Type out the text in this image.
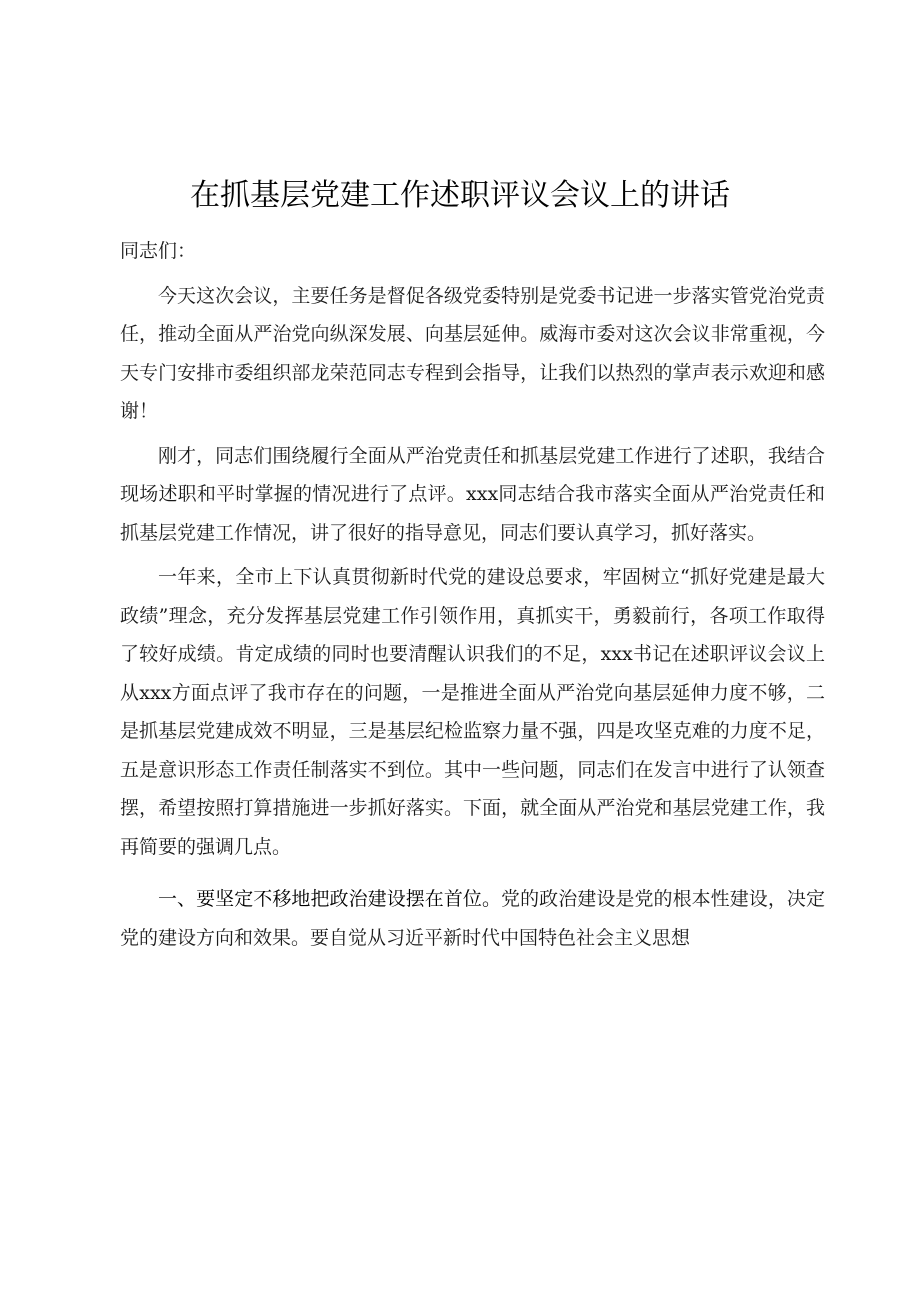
在抓基层党建工作述职评议会议上的讲话

同志们：

今天这次会议，主要任务是督促各级党委特别是党委书记进一步落实管党治党责任，推动全面从严治党向纵深发展、向基层延伸。威海市委对这次会议非常重视，今天专门安排市委组织部龙荣范同志专程到会指导，让我们以热烈的掌声表示欢迎和感谢！

刚才，同志们围绕履行全面从严治党责任和抓基层党建工作进行了述职，我结合现场述职和平时掌握的情况进行了点评。xxx同志结合我市落实全面从严治党责任和抓基层党建工作情况，讲了很好的指导意见，同志们要认真学习，抓好落实。

一年来，全市上下认真贯彻新时代党的建设总要求，牢固树立“抓好党建是最大政绩”理念，充分发挥基层党建工作引领作用，真抓实干，勇毅前行，各项工作取得了较好成绩。肯定成绩的同时也要清醒认识我们的不足，xxx书记在述职评议会议上从xxx方面点评了我市存在的问题，一是推进全面从严治党向基层延伸力度不够，二是抓基层党建成效不明显，三是基层纪检监察力量不强，四是攻坚克难的力度不足，五是意识形态工作责任制落实不到位。其中一些问题，同志们在发言中进行了认领查摆，希望按照打算措施进一步抓好落实。下面，就全面从严治党和基层党建工作，我再简要的强调几点。

一、要坚定不移地把政治建设摆在首位。党的政治建设是党的根本性建设，决定党的建设方向和效果。要自觉从习近平新时代中国特色社会主义思想
